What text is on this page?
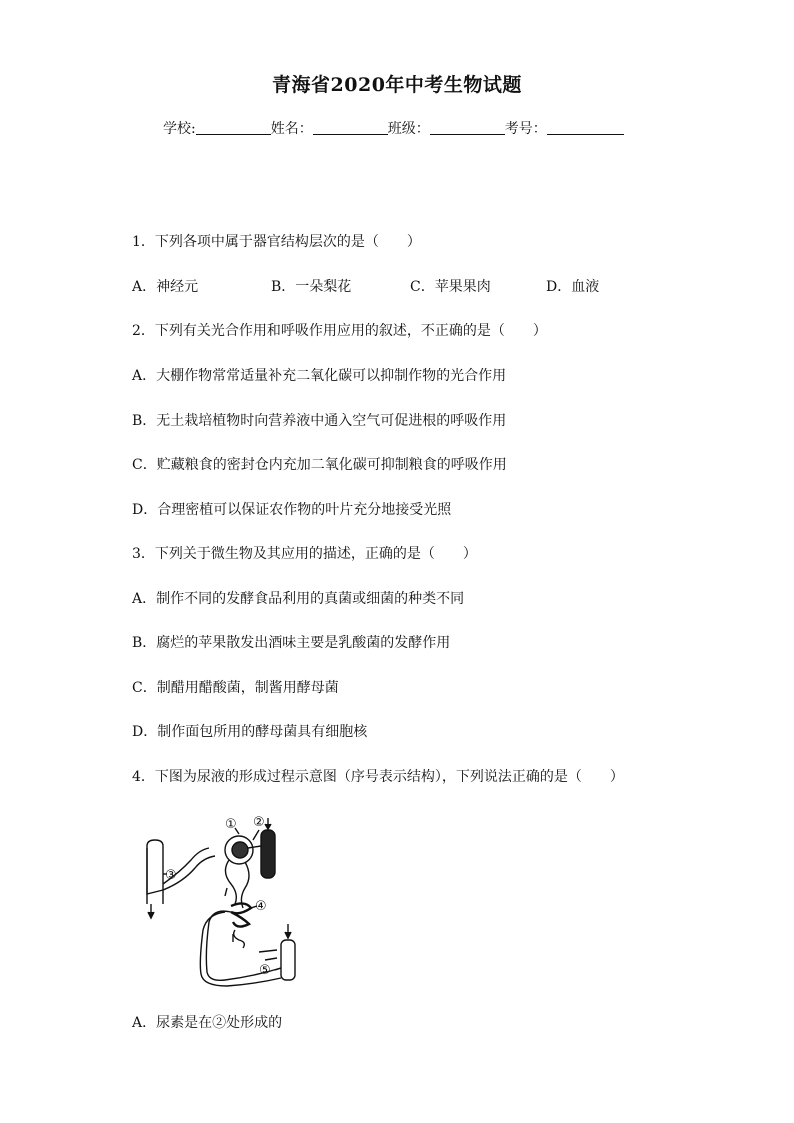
青海省2020年中考生物试题
学校:	姓名：	班级：	考号：
1．下列各项中属于器官结构层次的是（　　）
A．神经元	B．一朵梨花	C．苹果果肉	D．血液
2．下列有关光合作用和呼吸作用应用的叙述，不正确的是（　　）
A．大棚作物常常适量补充二氧化碳可以抑制作物的光合作用
B．无土栽培植物时向营养液中通入空气可促进根的呼吸作用
C．贮藏粮食的密封仓内充加二氧化碳可抑制粮食的呼吸作用
D．合理密植可以保证农作物的叶片充分地接受光照
3．下列关于微生物及其应用的描述，正确的是（　　）
A．制作不同的发酵食品利用的真菌或细菌的种类不同
B．腐烂的苹果散发出酒味主要是乳酸菌的发酵作用
C．制醋用醋酸菌，制酱用酵母菌
D．制作面包所用的酵母菌具有细胞核
4．下图为尿液的形成过程示意图（序号表示结构），下列说法正确的是（　　）
① ②
③
④
⑤
A．尿素是在②处形成的
